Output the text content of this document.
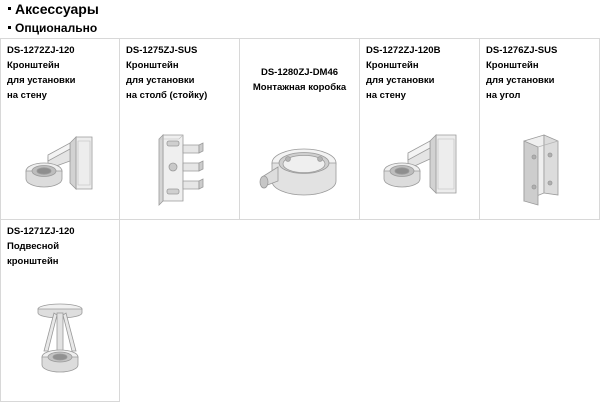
Аксессуары
Опционально
DS-1272ZJ-120
Кронштейн
для установки
на стену
DS-1275ZJ-SUS
Кронштейн
для установки
на столб (стойку)
DS-1280ZJ-DM46
Монтажная коробка
DS-1272ZJ-120B
Кронштейн
для установки
на стену
DS-1276ZJ-SUS
Кронштейн
для установки
на угол
DS-1271ZJ-120
Подвесной
кронштейн
